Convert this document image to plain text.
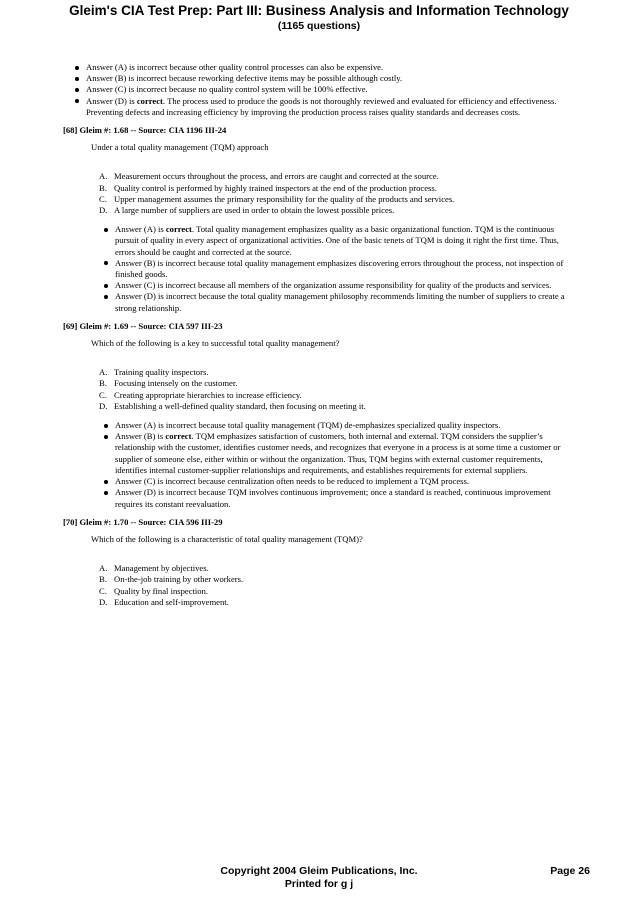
Gleim's CIA Test Prep: Part III: Business Analysis and Information Technology
(1165 questions)
Answer (A) is incorrect because other quality control processes can also be expensive.
Answer (B) is incorrect because reworking defective items may be possible although costly.
Answer (C) is incorrect because no quality control system will be 100% effective.
Answer (D) is correct. The process used to produce the goods is not thoroughly reviewed and evaluated for efficiency and effectiveness. Preventing defects and increasing efficiency by improving the production process raises quality standards and decreases costs.
[68] Gleim #: 1.68 -- Source: CIA 1196 III-24
Under a total quality management (TQM) approach
A. Measurement occurs throughout the process, and errors are caught and corrected at the source.
B. Quality control is performed by highly trained inspectors at the end of the production process.
C. Upper management assumes the primary responsibility for the quality of the products and services.
D. A large number of suppliers are used in order to obtain the lowest possible prices.
Answer (A) is correct. Total quality management emphasizes quality as a basic organizational function. TQM is the continuous pursuit of quality in every aspect of organizational activities. One of the basic tenets of TQM is doing it right the first time. Thus, errors should be caught and corrected at the source.
Answer (B) is incorrect because total quality management emphasizes discovering errors throughout the process, not inspection of finished goods.
Answer (C) is incorrect because all members of the organization assume responsibility for quality of the products and services.
Answer (D) is incorrect because the total quality management philosophy recommends limiting the number of suppliers to create a strong relationship.
[69] Gleim #: 1.69 -- Source: CIA 597 III-23
Which of the following is a key to successful total quality management?
A. Training quality inspectors.
B. Focusing intensely on the customer.
C. Creating appropriate hierarchies to increase efficiency.
D. Establishing a well-defined quality standard, then focusing on meeting it.
Answer (A) is incorrect because total quality management (TQM) de-emphasizes specialized quality inspectors.
Answer (B) is correct. TQM emphasizes satisfaction of customers, both internal and external. TQM considers the supplier’s relationship with the customer, identifies customer needs, and recognizes that everyone in a process is at some time a customer or supplier of someone else, either within or without the organization. Thus, TQM begins with external customer requirements, identifies internal customer-supplier relationships and requirements, and establishes requirements for external suppliers.
Answer (C) is incorrect because centralization often needs to be reduced to implement a TQM process.
Answer (D) is incorrect because TQM involves continuous improvement; once a standard is reached, continuous improvement requires its constant reevaluation.
[70] Gleim #: 1.70 -- Source: CIA 596 III-29
Which of the following is a characteristic of total quality management (TQM)?
A. Management by objectives.
B. On-the-job training by other workers.
C. Quality by final inspection.
D. Education and self-improvement.
Copyright 2004 Gleim Publications, Inc.
Printed for g j
Page 26
